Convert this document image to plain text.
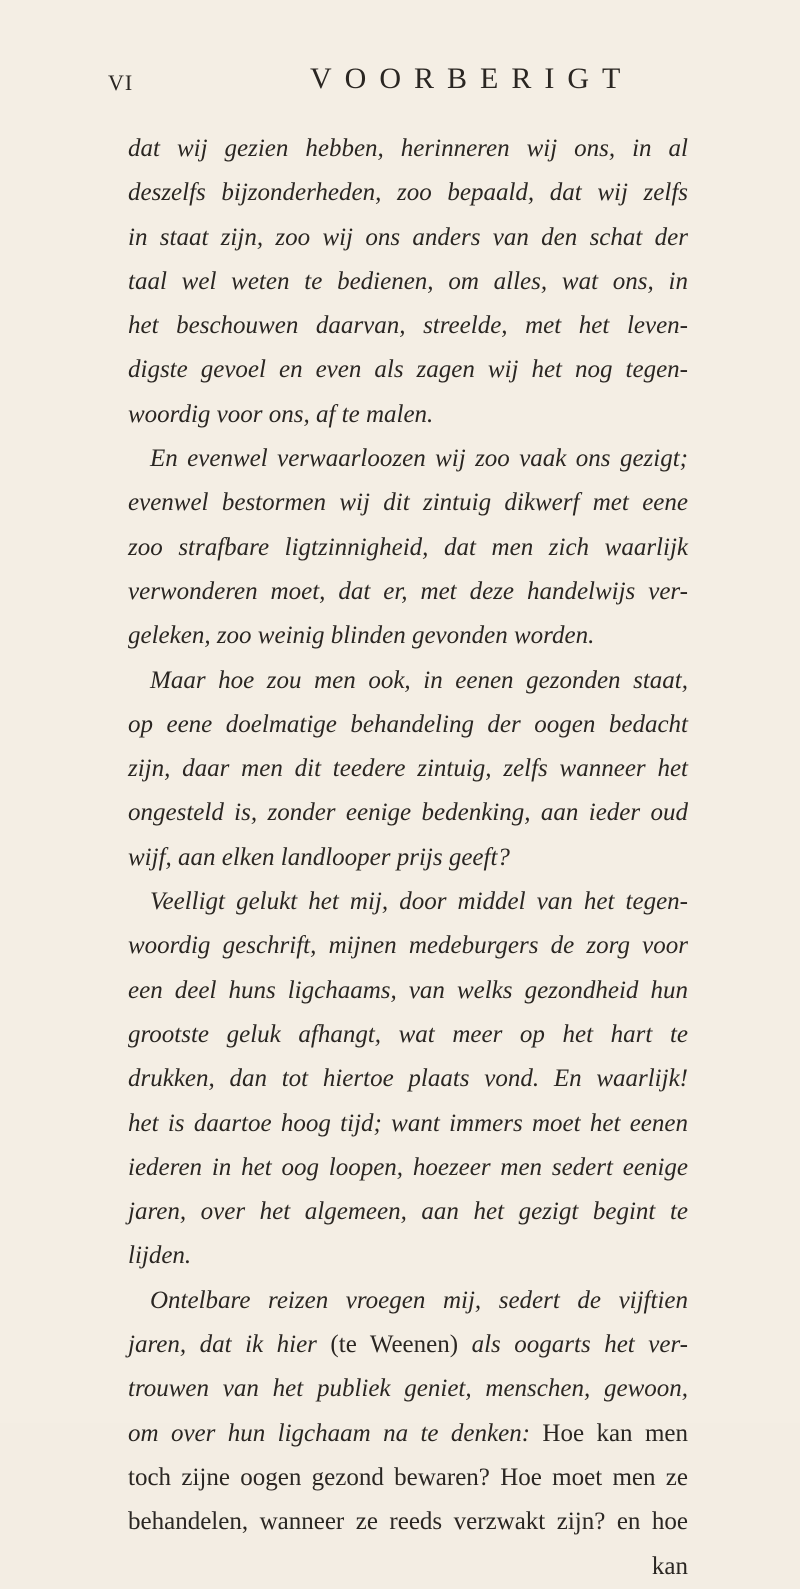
VI	VOORBERIGT
dat wij gezien hebben, herinneren wij ons, in al
deszelfs bijzonderheden, zoo bepaald, dat wij zelfs
in staat zijn, zoo wij ons anders van den schat der
taal wel weten te bedienen, om alles, wat ons, in
het beschouwen daarvan, streelde, met het leven-
digste gevoel en even als zagen wij het nog tegen-
woordig voor ons, af te malen.
En evenwel verwaarloozen wij zoo vaak ons gezigt;
evenwel bestormen wij dit zintuig dikwerf met eene
zoo strafbare ligtzinnigheid, dat men zich waarlijk
verwonderen moet, dat er, met deze handelwijs ver-
geleken, zoo weinig blinden gevonden worden.
Maar hoe zou men ook, in eenen gezonden staat,
op eene doelmatige behandeling der oogen bedacht
zijn, daar men dit teedere zintuig, zelfs wanneer het
ongesteld is, zonder eenige bedenking, aan ieder oud
wijf, aan elken landlooper prijs geeft?
Veelligt gelukt het mij, door middel van het tegen-
woordig geschrift, mijnen medeburgers de zorg voor
een deel huns ligchaams, van welks gezondheid hun
grootste geluk afhangt, wat meer op het hart te
drukken, dan tot hiertoe plaats vond. En waarlijk!
het is daartoe hoog tijd; want immers moet het eenen
iederen in het oog loopen, hoezeer men sedert eenige
jaren, over het algemeen, aan het gezigt begint te
lijden.
Ontelbare reizen vroegen mij, sedert de vijftien
jaren, dat ik hier (te Weenen) als oogarts het ver-
trouwen van het publiek geniet, menschen, gewoon,
om over hun ligchaam na te denken: Hoe kan men
toch zijne oogen gezond bewaren? Hoe moet men ze
behandelen, wanneer ze reeds verzwakt zijn? en hoe
kan
